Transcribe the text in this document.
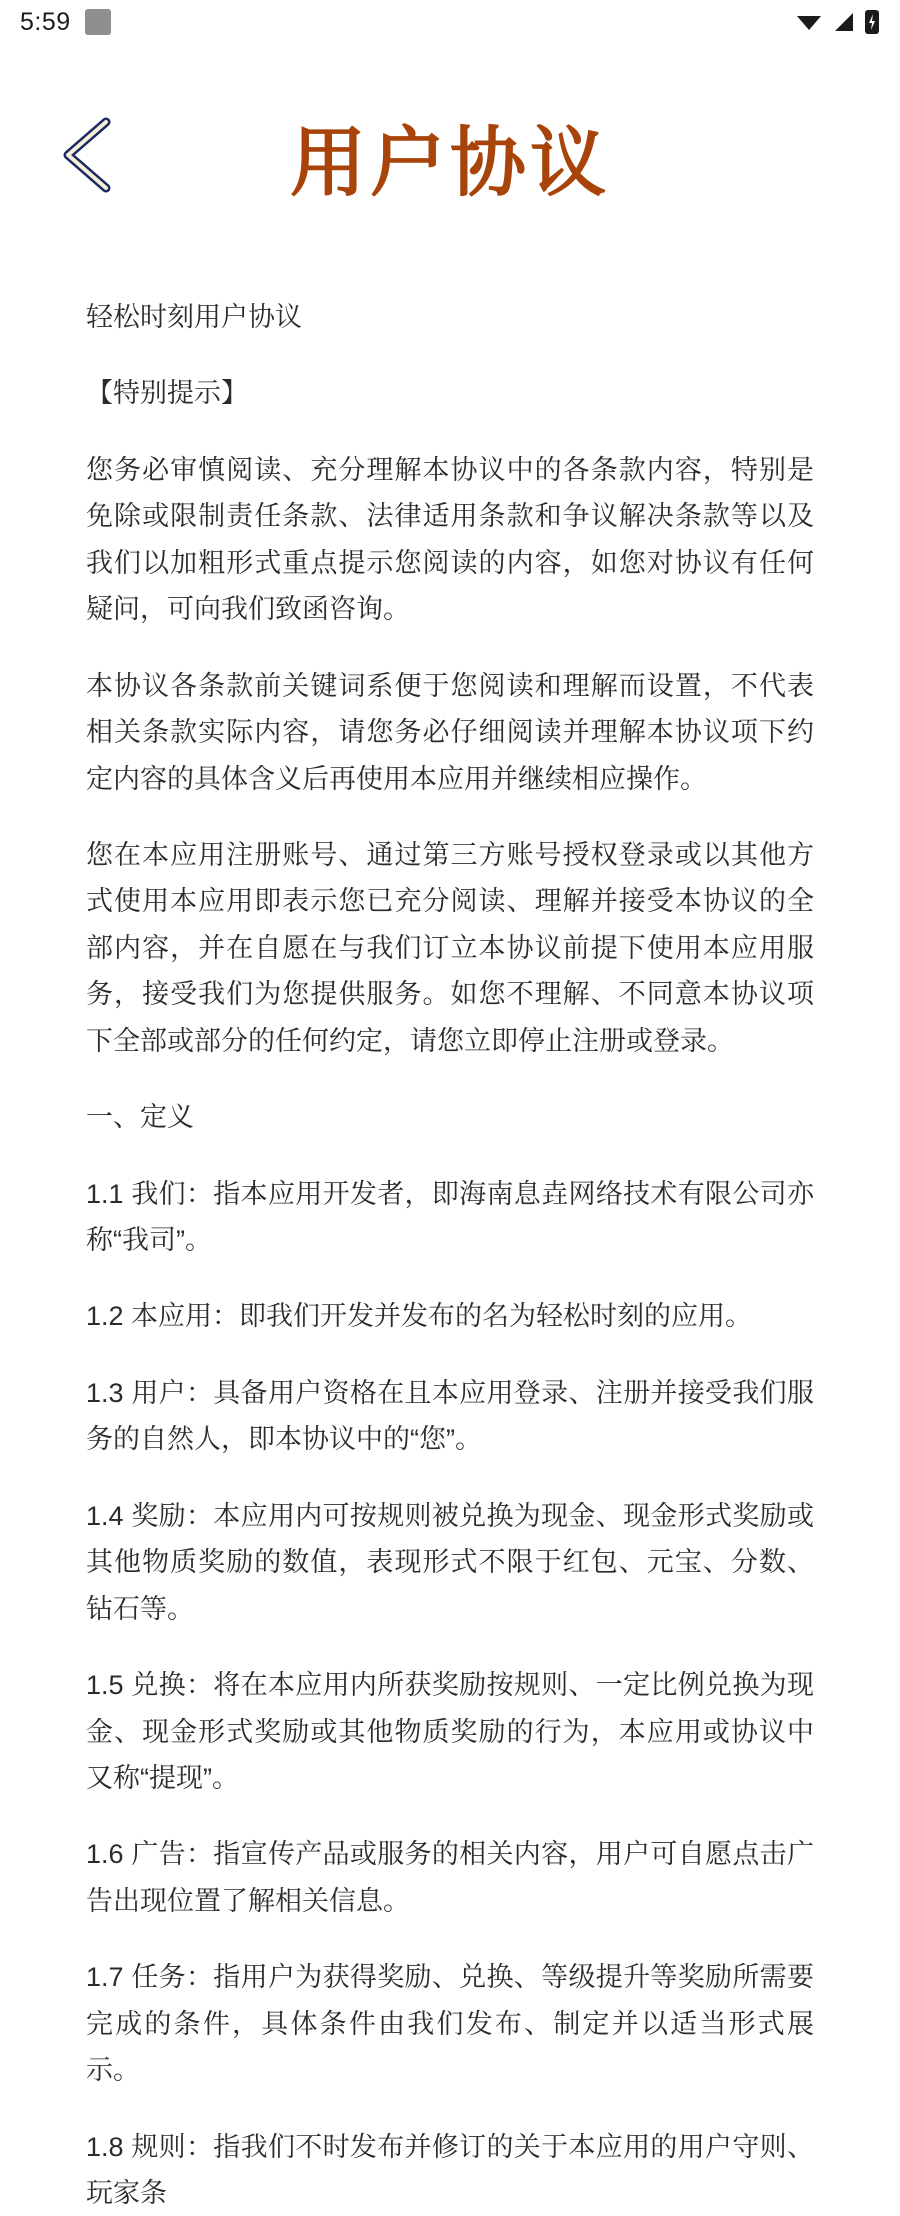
5:59
用户协议

轻松时刻用户协议

【特别提示】

您务必审慎阅读、充分理解本协议中的各条款内容，特别是免除或限制责任条款、法律适用条款和争议解决条款等以及我们以加粗形式重点提示您阅读的内容，如您对协议有任何疑问，可向我们致函咨询。

本协议各条款前关键词系便于您阅读和理解而设置，不代表相关条款实际内容，请您务必仔细阅读并理解本协议项下约定内容的具体含义后再使用本应用并继续相应操作。

您在本应用注册账号、通过第三方账号授权登录或以其他方式使用本应用即表示您已充分阅读、理解并接受本协议的全部内容，并在自愿在与我们订立本协议前提下使用本应用服务，接受我们为您提供服务。如您不理解、不同意本协议项下全部或部分的任何约定，请您立即停止注册或登录。

一、定义

1.1 我们：指本应用开发者，即海南息垚网络技术有限公司亦称“我司”。

1.2 本应用：即我们开发并发布的名为轻松时刻的应用。

1.3 用户：具备用户资格在且本应用登录、注册并接受我们服务的自然人，即本协议中的“您”。

1.4 奖励：本应用内可按规则被兑换为现金、现金形式奖励或其他物质奖励的数值，表现形式不限于红包、元宝、分数、钻石等。

1.5 兑换：将在本应用内所获奖励按规则、一定比例兑换为现金、现金形式奖励或其他物质奖励的行为，本应用或协议中又称“提现”。

1.6 广告：指宣传产品或服务的相关内容，用户可自愿点击广告出现位置了解相关信息。

1.7 任务：指用户为获得奖励、兑换、等级提升等奖励所需要完成的条件，具体条件由我们发布、制定并以适当形式展示。

1.8 规则：指我们不时发布并修订的关于本应用的用户守则、玩家条
